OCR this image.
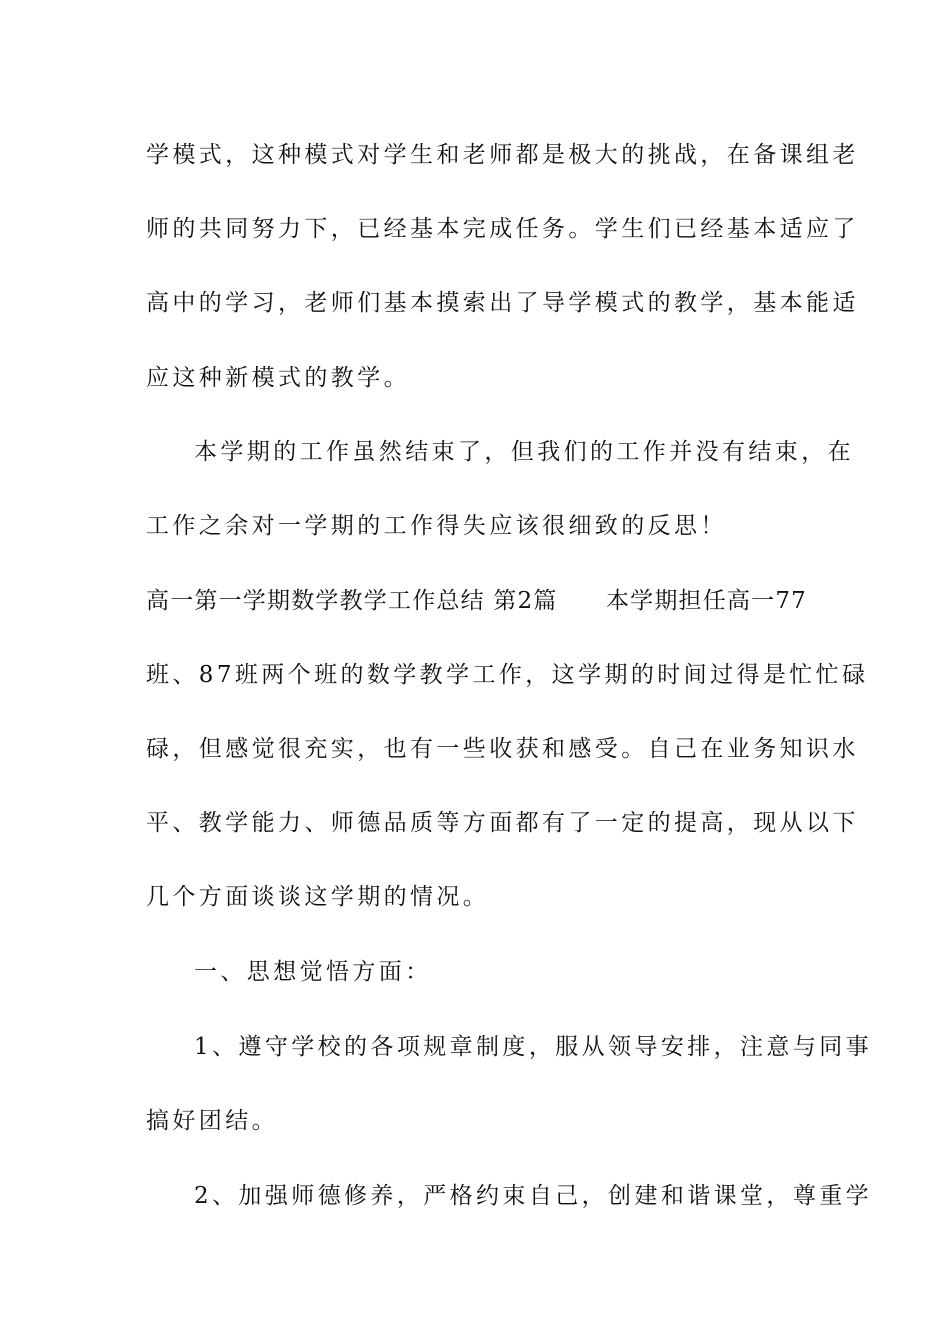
学模式，这种模式对学生和老师都是极大的挑战，在备课组老
师的共同努力下，已经基本完成任务。学生们已经基本适应了
高中的学习，老师们基本摸索出了导学模式的教学，基本能适
应这种新模式的教学。
本学期的工作虽然结束了，但我们的工作并没有结束，在
工作之余对一学期的工作得失应该很细致的反思！
高一第一学期数学教学工作总结 第2篇　　本学期担任高一77
班、87班两个班的数学教学工作，这学期的时间过得是忙忙碌
碌，但感觉很充实，也有一些收获和感受。自己在业务知识水
平、教学能力、师德品质等方面都有了一定的提高，现从以下
几个方面谈谈这学期的情况。
一、思想觉悟方面：
1、遵守学校的各项规章制度，服从领导安排，注意与同事
搞好团结。
2、加强师德修养，严格约束自己，创建和谐课堂，尊重学
